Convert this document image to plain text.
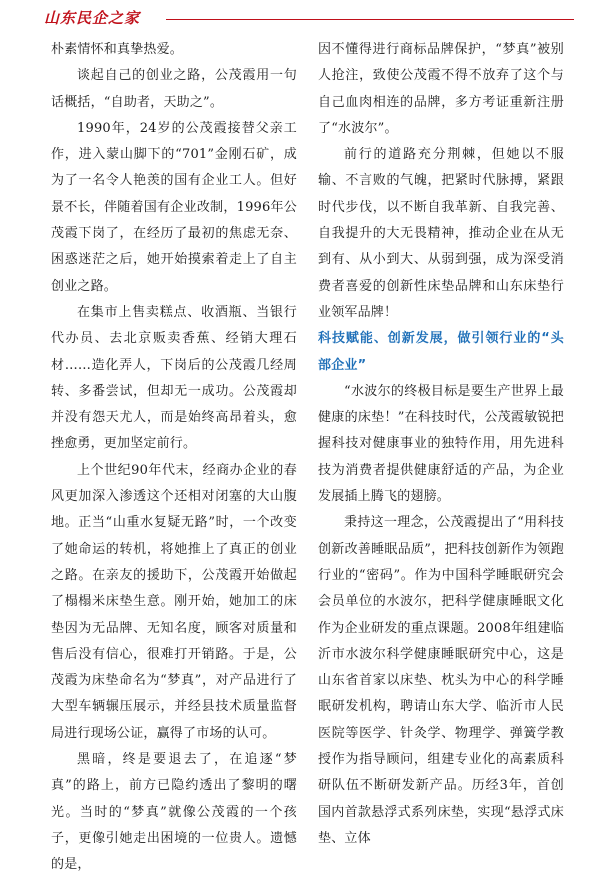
山东民企之家

朴素情怀和真挚热爱。

谈起自己的创业之路，公茂霞用一句话概括，“自助者，天助之”。

1990年，24岁的公茂霞接替父亲工作，进入蒙山脚下的“701”金刚石矿，成为了一名令人艳羡的国有企业工人。但好景不长，伴随着国有企业改制，1996年公茂霞下岗了，在经历了最初的焦虑无奈、困惑迷茫之后，她开始摸索着走上了自主创业之路。

在集市上售卖糕点、收酒瓶、当银行代办员、去北京贩卖香蕉、经销大理石材……造化弄人，下岗后的公茂霞几经周转、多番尝试，但却无一成功。公茂霞却并没有怨天尤人，而是始终高昂着头，愈挫愈勇，更加坚定前行。

上个世纪90年代末，经商办企业的春风更加深入渗透这个还相对闭塞的大山腹地。正当“山重水复疑无路”时，一个改变了她命运的转机，将她推上了真正的创业之路。在亲友的援助下，公茂霞开始做起了榻榻米床垫生意。刚开始，她加工的床垫因为无品牌、无知名度，顾客对质量和售后没有信心，很难打开销路。于是，公茂霞为床垫命名为“梦真”，对产品进行了大型车辆辗压展示，并经县技术质量监督局进行现场公证，赢得了市场的认可。

黑暗，终是要退去了，在追逐“梦真”的路上，前方已隐约透出了黎明的曙光。当时的“梦真”就像公茂霞的一个孩子，更像引她走出困境的一位贵人。遗憾的是，

因不懂得进行商标品牌保护，“梦真”被别人抢注，致使公茂霞不得不放弃了这个与自己血肉相连的品牌，多方考证重新注册了“水波尔”。

前行的道路充分荆棘，但她以不服输、不言败的气魄，把紧时代脉搏，紧跟时代步伐，以不断自我革新、自我完善、自我提升的大无畏精神，推动企业在从无到有、从小到大、从弱到强，成为深受消费者喜爱的创新性床垫品牌和山东床垫行业领军品牌！

科技赋能、创新发展，做引领行业的“头部企业”

“水波尔的终极目标是要生产世界上最健康的床垫！”在科技时代，公茂霞敏锐把握科技对健康事业的独特作用，用先进科技为消费者提供健康舒适的产品，为企业发展插上腾飞的翅膀。

秉持这一理念，公茂霞提出了“用科技创新改善睡眠品质”，把科技创新作为领跑行业的“密码”。作为中国科学睡眠研究会会员单位的水波尔，把科学健康睡眠文化作为企业研发的重点课题。2008年组建临沂市水波尔科学健康睡眠研究中心，这是山东省首家以床垫、枕头为中心的科学睡眠研发机构，聘请山东大学、临沂市人民医院等医学、针灸学、物理学、弹簧学教授作为指导顾问，组建专业化的高素质科研队伍不断研发新产品。历经3年，首创国内首款悬浮式系列床垫，实现“悬浮式床垫、立体
